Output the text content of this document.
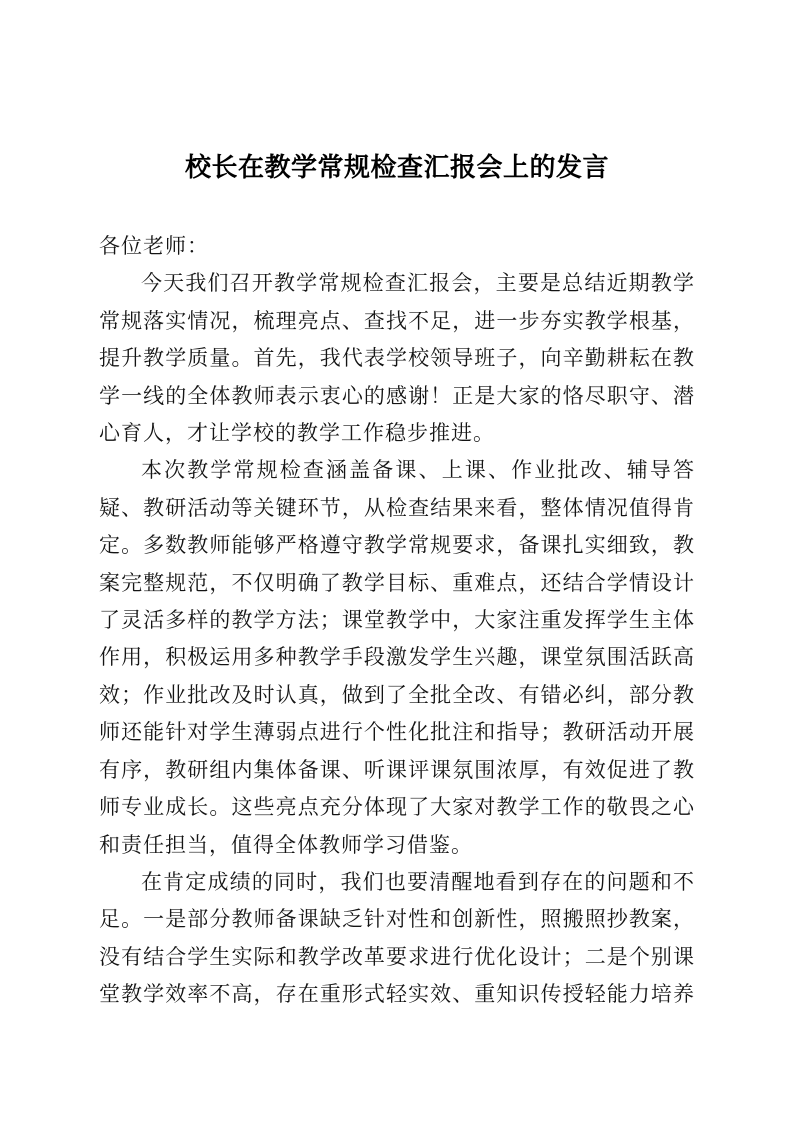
校长在教学常规检查汇报会上的发言

各位老师：

今天我们召开教学常规检查汇报会，主要是总结近期教学常规落实情况，梳理亮点、查找不足，进一步夯实教学根基，提升教学质量。首先，我代表学校领导班子，向辛勤耕耘在教学一线的全体教师表示衷心的感谢！正是大家的恪尽职守、潜心育人，才让学校的教学工作稳步推进。

本次教学常规检查涵盖备课、上课、作业批改、辅导答疑、教研活动等关键环节，从检查结果来看，整体情况值得肯定。多数教师能够严格遵守教学常规要求，备课扎实细致，教案完整规范，不仅明确了教学目标、重难点，还结合学情设计了灵活多样的教学方法；课堂教学中，大家注重发挥学生主体作用，积极运用多种教学手段激发学生兴趣，课堂氛围活跃高效；作业批改及时认真，做到了全批全改、有错必纠，部分教师还能针对学生薄弱点进行个性化批注和指导；教研活动开展有序，教研组内集体备课、听课评课氛围浓厚，有效促进了教师专业成长。这些亮点充分体现了大家对教学工作的敬畏之心和责任担当，值得全体教师学习借鉴。

在肯定成绩的同时，我们也要清醒地看到存在的问题和不足。一是部分教师备课缺乏针对性和创新性，照搬照抄教案，没有结合学生实际和教学改革要求进行优化设计；二是个别课堂教学效率不高，存在重形式轻实效、重知识传授轻能力培养
